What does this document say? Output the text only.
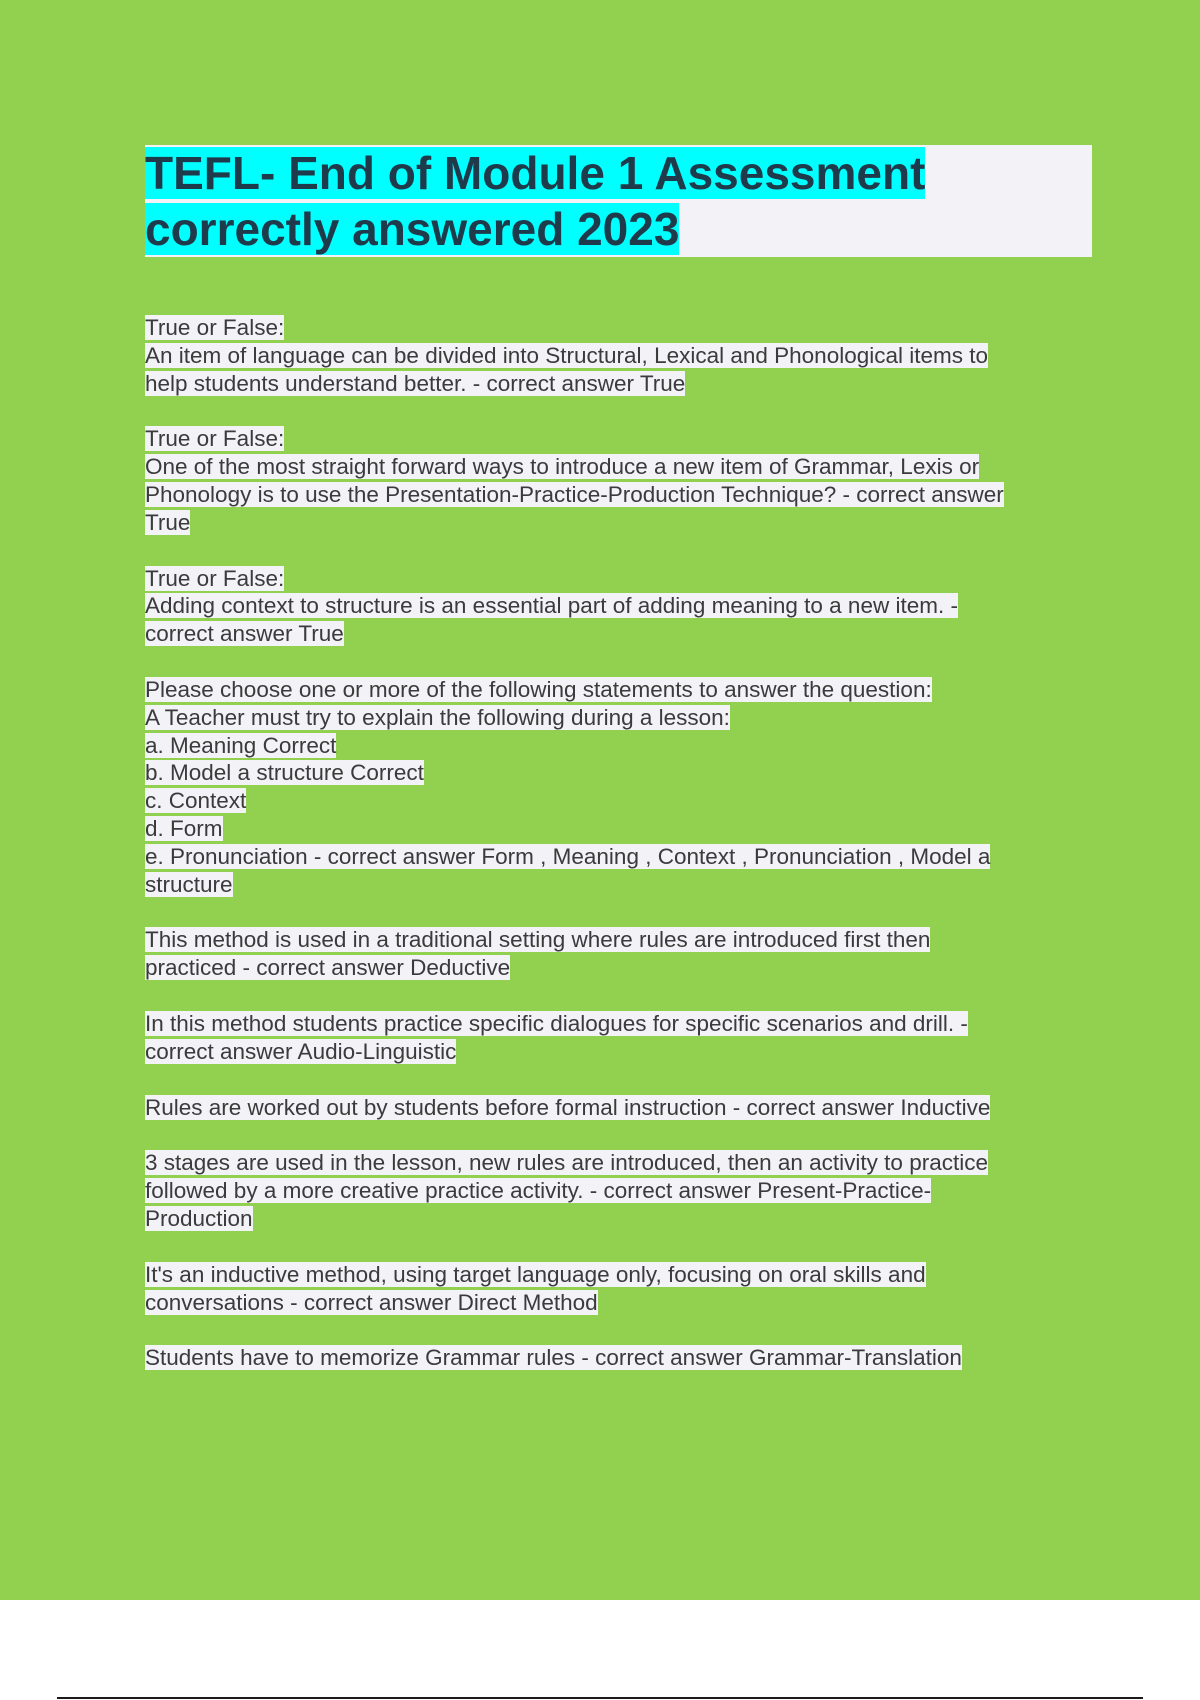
TEFL- End of Module 1 Assessment
correctly answered 2023
True or False:
An item of language can be divided into Structural, Lexical and Phonological items to
help students understand better. - correct answer True
True or False:
One of the most straight forward ways to introduce a new item of Grammar, Lexis or
Phonology is to use the Presentation-Practice-Production Technique? - correct answer
True
True or False:
Adding context to structure is an essential part of adding meaning to a new item. -
correct answer True
Please choose one or more of the following statements to answer the question:
A Teacher must try to explain the following during a lesson:
a. Meaning Correct
b. Model a structure Correct
c. Context
d. Form
e. Pronunciation - correct answer Form , Meaning , Context , Pronunciation , Model a
structure
This method is used in a traditional setting where rules are introduced first then
practiced - correct answer Deductive
In this method students practice specific dialogues for specific scenarios and drill. -
correct answer Audio-Linguistic
Rules are worked out by students before formal instruction - correct answer Inductive
3 stages are used in the lesson, new rules are introduced, then an activity to practice
followed by a more creative practice activity. - correct answer Present-Practice-
Production
It's an inductive method, using target language only, focusing on oral skills and
conversations - correct answer Direct Method
Students have to memorize Grammar rules - correct answer Grammar-Translation
